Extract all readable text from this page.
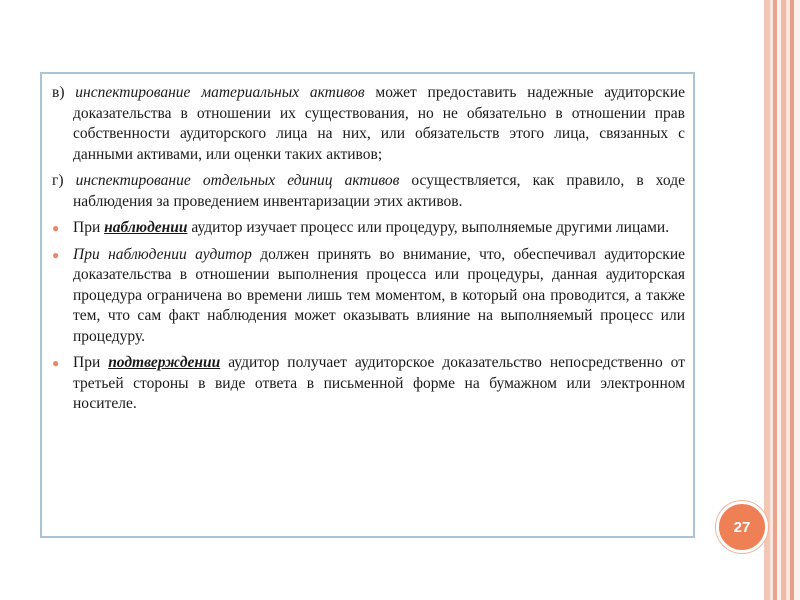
в) инспектирование материальных активов может предоставить надежные аудиторские доказательства в отношении их существования, но не обязательно в отношении прав собственности аудиторского лица на них, или обязательств этого лица, связанных с данными активами, или оценки таких активов;

г) инспектирование отдельных единиц активов осуществляется, как правило, в ходе наблюдения за проведением инвентаризации этих активов.

● При наблюдении аудитор изучает процесс или процедуру, выполняемые другими лицами.

● При наблюдении аудитор должен принять во внимание, что, обеспечивал аудиторские доказательства в отношении выполнения процесса или процедуры, данная аудиторская процедура ограничена во времени лишь тем моментом, в который она проводится, а также тем, что сам факт наблюдения может оказывать влияние на выполняемый процесс или процедуру.

● При подтверждении аудитор получает аудиторское доказательство непосредственно от третьей стороны в виде ответа в письменной форме на бумажном или электронном носителе.

27
